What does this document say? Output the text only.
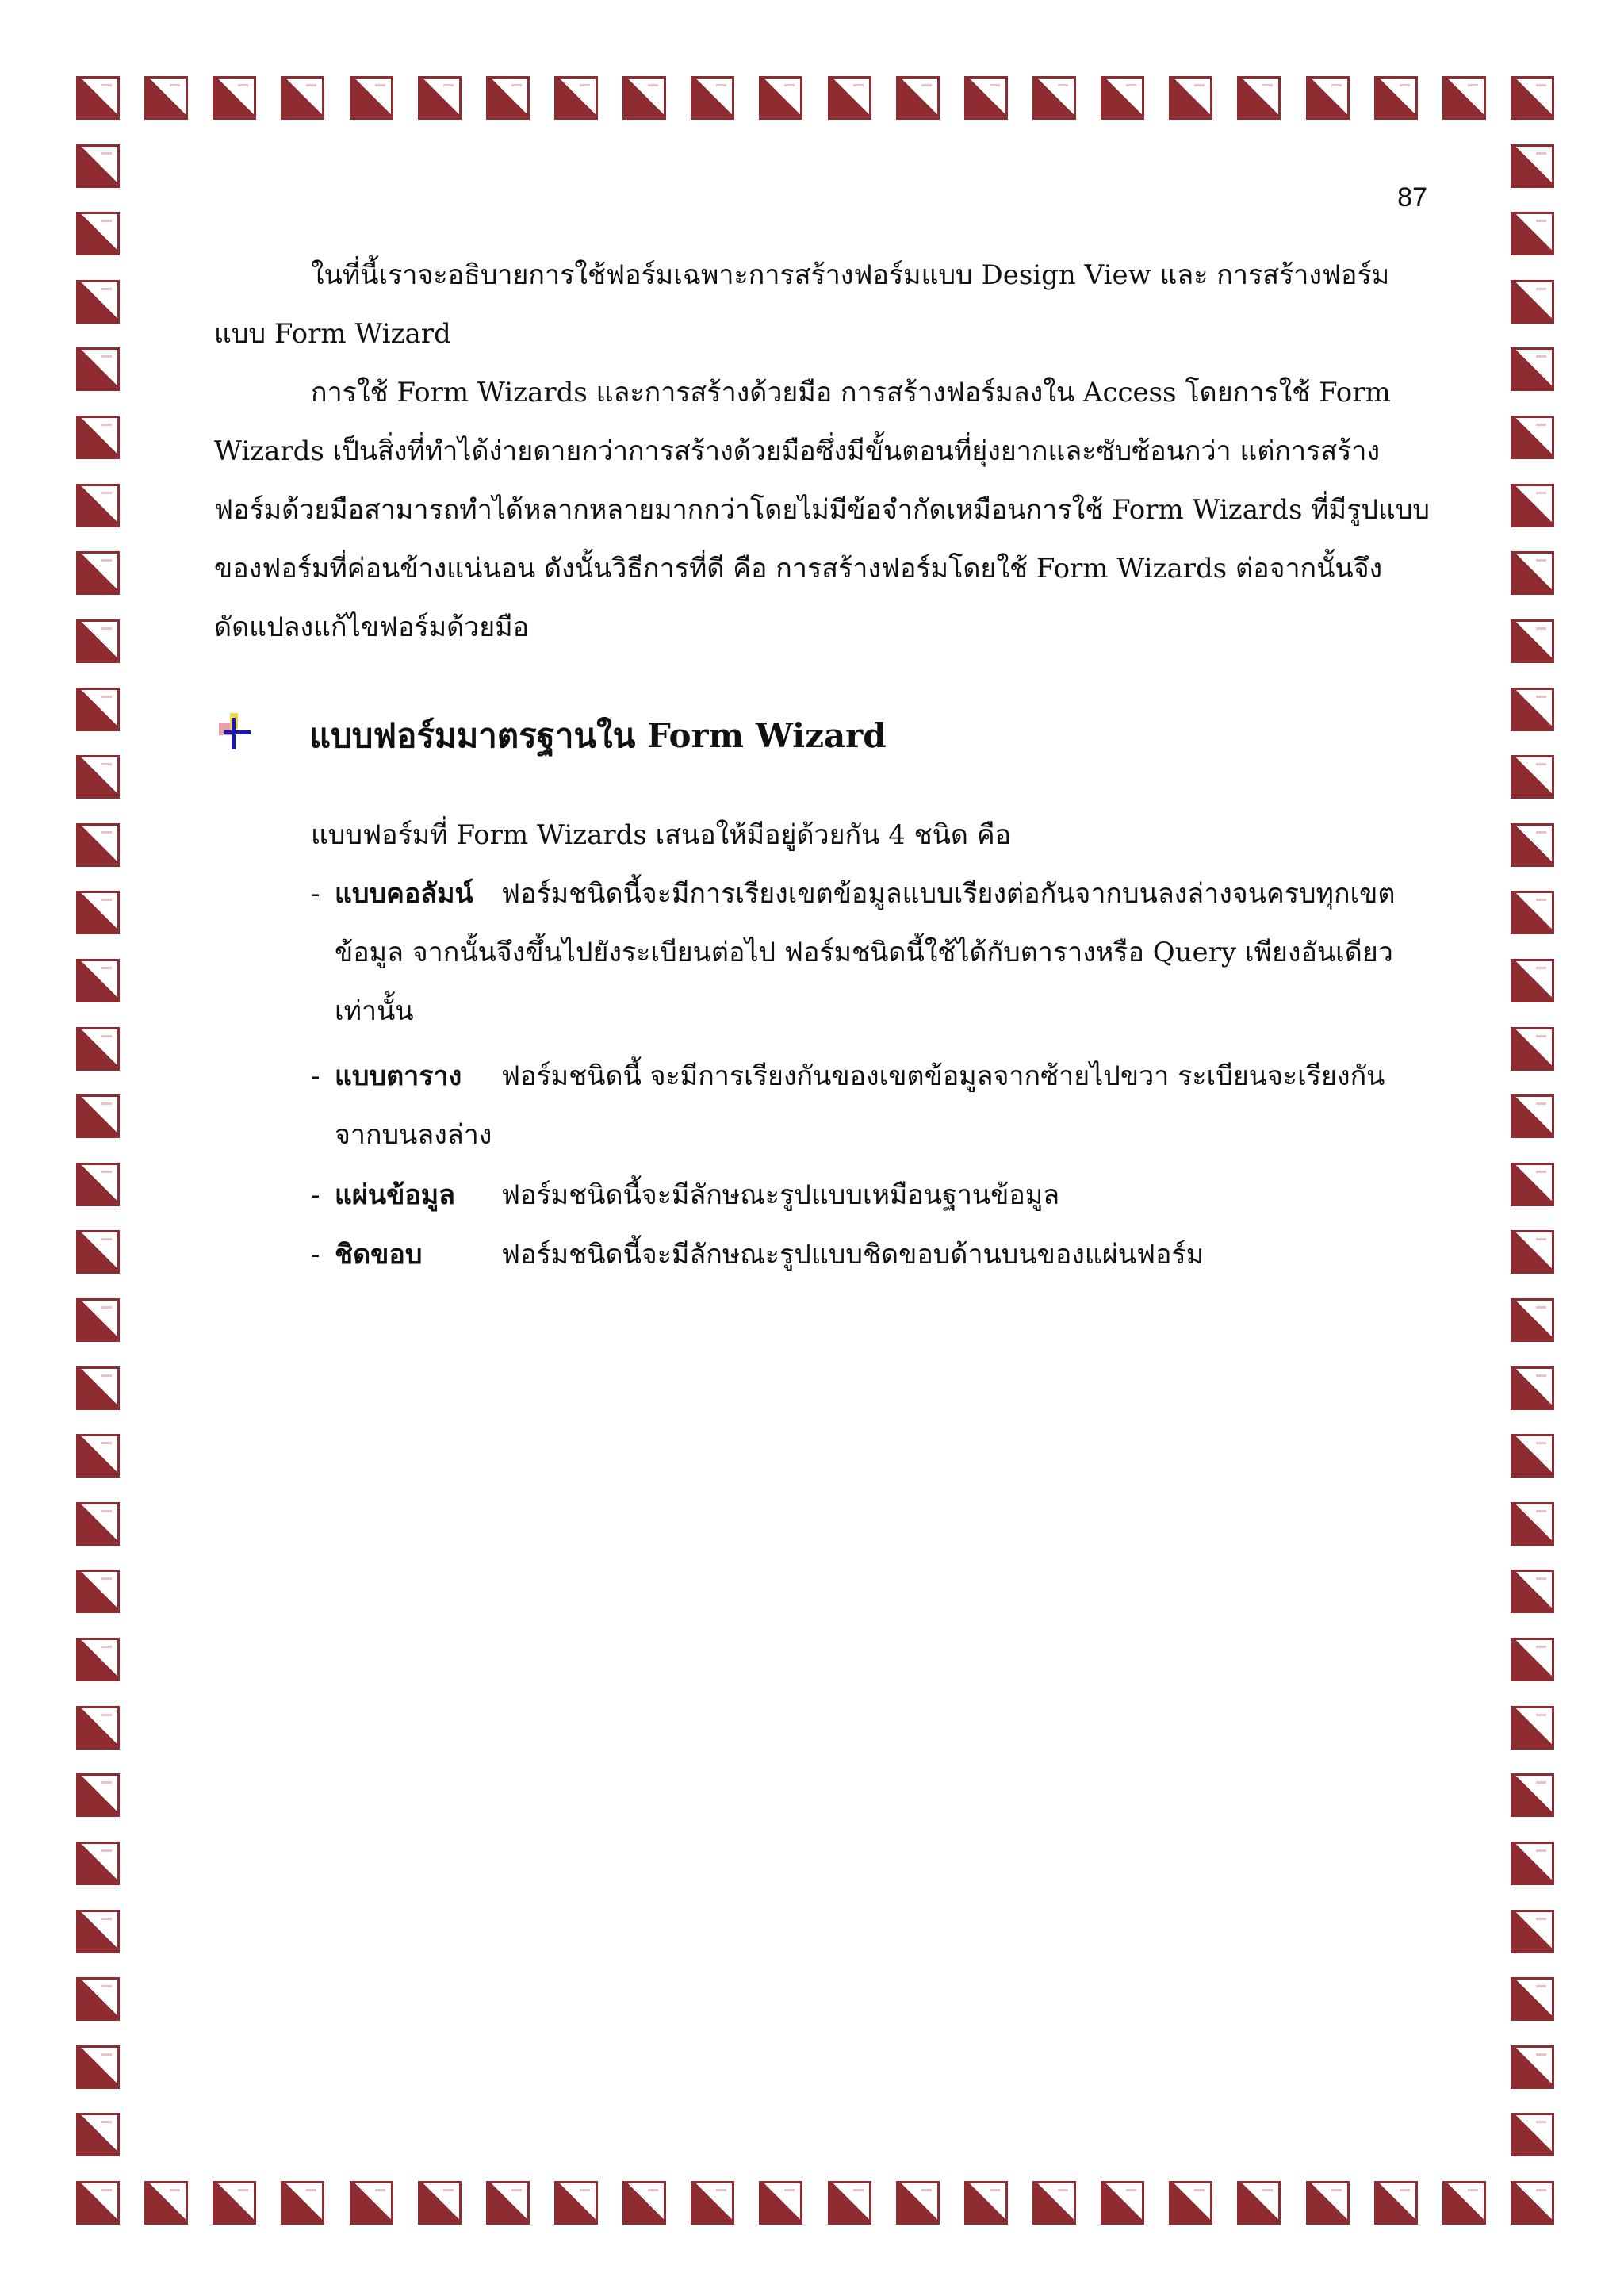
87
ในที่นี้เราจะอธิบายการใช้ฟอร์มเฉพาะการสร้างฟอร์มแบบ Design View และ การสร้างฟอร์ม
แบบ Form Wizard
การใช้ Form Wizards และการสร้างด้วยมือ การสร้างฟอร์มลงใน Access โดยการใช้ Form
Wizards เป็นสิ่งที่ทำได้ง่ายดายกว่าการสร้างด้วยมือซึ่งมีขั้นตอนที่ยุ่งยากและซับซ้อนกว่า แต่การสร้าง
ฟอร์มด้วยมือสามารถทำได้หลากหลายมากกว่าโดยไม่มีข้อจำกัดเหมือนการใช้ Form Wizards ที่มีรูปแบบ
ของฟอร์มที่ค่อนข้างแน่นอน ดังนั้นวิธีการที่ดี คือ การสร้างฟอร์มโดยใช้ Form Wizards ต่อจากนั้นจึง
ดัดแปลงแก้ไขฟอร์มด้วยมือ
แบบฟอร์มมาตรฐานใน Form Wizard
แบบฟอร์มที่ Form Wizards เสนอให้มีอยู่ด้วยกัน 4 ชนิด คือ
- แบบคอลัมน์ ฟอร์มชนิดนี้จะมีการเรียงเขตข้อมูลแบบเรียงต่อกันจากบนลงล่างจนครบทุกเขต
ข้อมูล จากนั้นจึงขึ้นไปยังระเบียนต่อไป ฟอร์มชนิดนี้ใช้ได้กับตารางหรือ Query เพียงอันเดียว
เท่านั้น
- แบบตาราง ฟอร์มชนิดนี้ จะมีการเรียงกันของเขตข้อมูลจากซ้ายไปขวา ระเบียนจะเรียงกัน
จากบนลงล่าง
- แผ่นข้อมูล ฟอร์มชนิดนี้จะมีลักษณะรูปแบบเหมือนฐานข้อมูล
- ชิดขอบ	ฟอร์มชนิดนี้จะมีลักษณะรูปแบบชิดขอบด้านบนของแผ่นฟอร์ม
